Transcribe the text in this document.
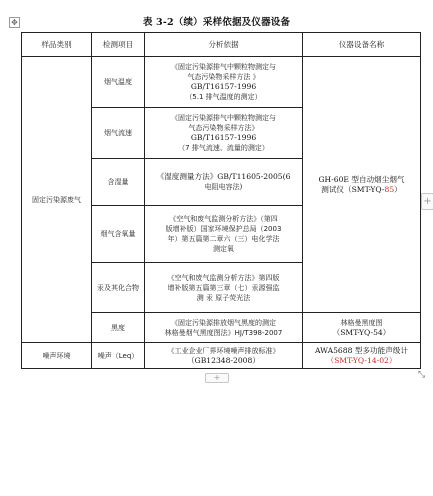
✥	表 3-2（续）采样依据及仪器设备
样品类别	检测项目	分析依据	仪器设备名称
固定污染源废气	烟气温度	《固定污染源排气中颗粒物测定与
气态污染物采样方法 》
GB/T16157-1996
（5.1 排气温度的测定）	GH-60E 型自动烟尘烟气
测试仪（SMT-YQ-85）

	烟气流速	《固定污染源排气中颗粒物测定与
气态污染物采样方法》
GB/T16157-1996
（7 排气流速、流量的测定）	

	含湿量	《湿度测量方法》GB/T11605-2005(6
电阻电容法)	

	烟气含氧量	《空气和废气监测分析方法》（第四
版增补版）国家环境保护总局（2003
年）第五篇第二章六（三）电化学法
测定氧	

	汞及其化合物	《空气和废气监测分析方法》第四版
增补版第五篇第三章（七）汞源强监
测 汞 原子荧光法	

	黑度	《固定污染源排放烟气黑度的测定
林格曼烟气黑度图法》HJ/T398-2007	林格曼黑度图
（SMT-YQ-54）

噪声环境	噪声（Leq）	《工业企业厂界环境噪声排放标准》
（GB12348-2008）	AWA5688 型多功能声级计
（SMT-YQ-14-02）
+
+	⤡
